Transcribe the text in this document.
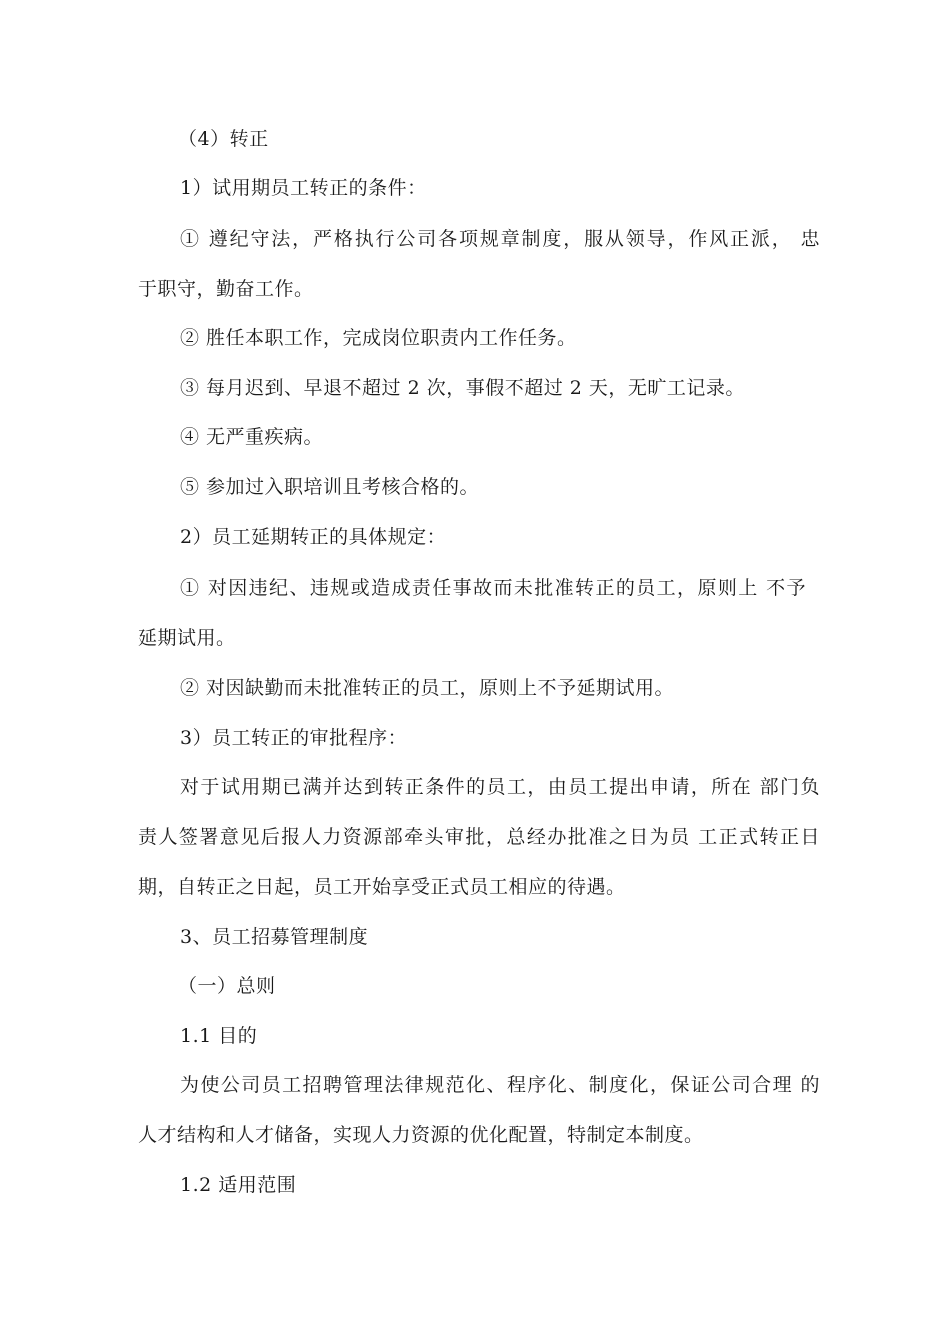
（4）转正
1）试用期员工转正的条件：
① 遵纪守法，严格执行公司各项规章制度，服从领导，作风正派， 忠
于职守，勤奋工作。
② 胜任本职工作，完成岗位职责内工作任务。
③ 每月迟到、早退不超过 2 次，事假不超过 2 天，无旷工记录。
④ 无严重疾病。
⑤ 参加过入职培训且考核合格的。
2）员工延期转正的具体规定：
① 对因违纪、违规或造成责任事故而未批准转正的员工，原则上 不予
延期试用。
② 对因缺勤而未批准转正的员工，原则上不予延期试用。
3）员工转正的审批程序：
对于试用期已满并达到转正条件的员工，由员工提出申请，所在 部门负
责人签署意见后报人力资源部牵头审批，总经办批准之日为员 工正式转正日
期，自转正之日起，员工开始享受正式员工相应的待遇。
3、员工招募管理制度
（一）总则
1.1 目的
为使公司员工招聘管理法律规范化、程序化、制度化，保证公司合理 的
人才结构和人才储备，实现人力资源的优化配置，特制定本制度。
1.2 适用范围
